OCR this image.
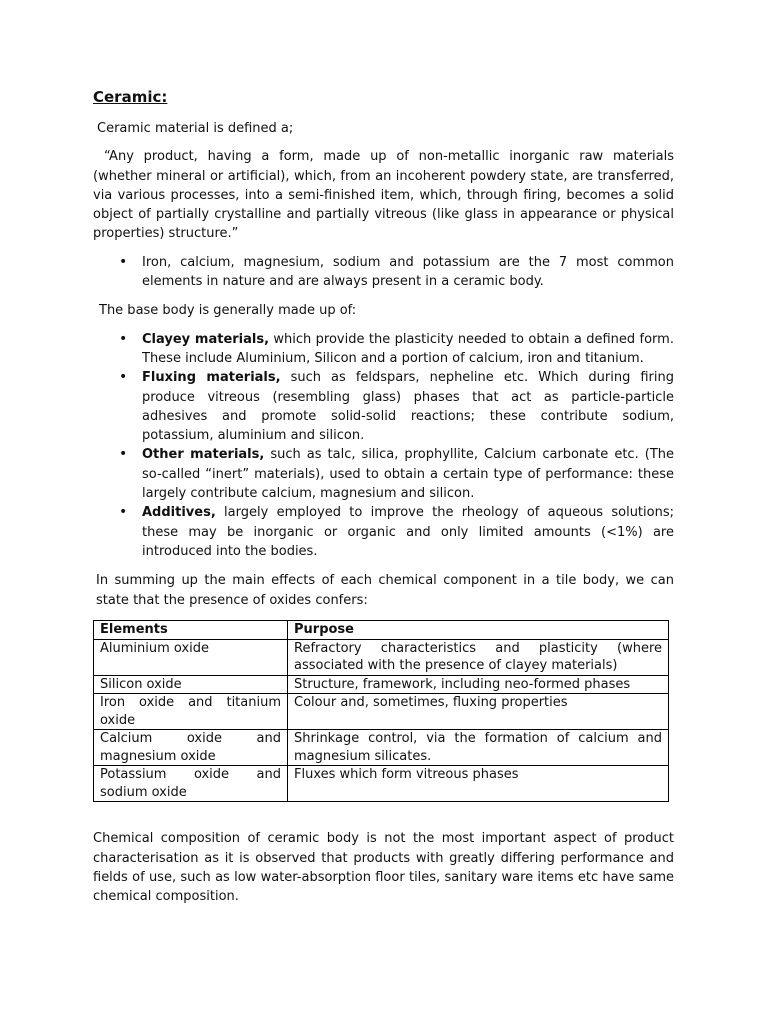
Ceramic:

Ceramic material is defined a;

“Any product, having a form, made up of non-metallic inorganic raw materials (whether mineral or artificial), which, from an incoherent powdery state, are transferred, via various processes, into a semi-finished item, which, through firing, becomes a solid object of partially crystalline and partially vitreous (like glass in appearance or physical properties) structure.”

• Iron, calcium, magnesium, sodium and potassium are the 7 most common elements in nature and are always present in a ceramic body.

The base body is generally made up of:

• Clayey materials, which provide the plasticity needed to obtain a defined form. These include Aluminium, Silicon and a portion of calcium, iron and titanium.
• Fluxing materials, such as feldspars, nepheline etc. Which during firing produce vitreous (resembling glass) phases that act as particle-particle adhesives and promote solid-solid reactions; these contribute sodium, potassium, aluminium and silicon.
• Other materials, such as talc, silica, prophyllite, Calcium carbonate etc. (The so-called “inert” materials), used to obtain a certain type of performance: these largely contribute calcium, magnesium and silicon.
• Additives, largely employed to improve the rheology of aqueous solutions; these may be inorganic or organic and only limited amounts (<1%) are introduced into the bodies.

In summing up the main effects of each chemical component in a tile body, we can state that the presence of oxides confers:

Elements	Purpose
Aluminium oxide	Refractory characteristics and plasticity (where associated with the presence of clayey materials)
Silicon oxide	Structure, framework, including neo-formed phases
Iron oxide and titanium oxide	Colour and, sometimes, fluxing properties
Calcium oxide and magnesium oxide	Shrinkage control, via the formation of calcium and magnesium silicates.
Potassium oxide and sodium oxide	Fluxes which form vitreous phases

Chemical composition of ceramic body is not the most important aspect of product characterisation as it is observed that products with greatly differing performance and fields of use, such as low water-absorption floor tiles, sanitary ware items etc have same chemical composition.
